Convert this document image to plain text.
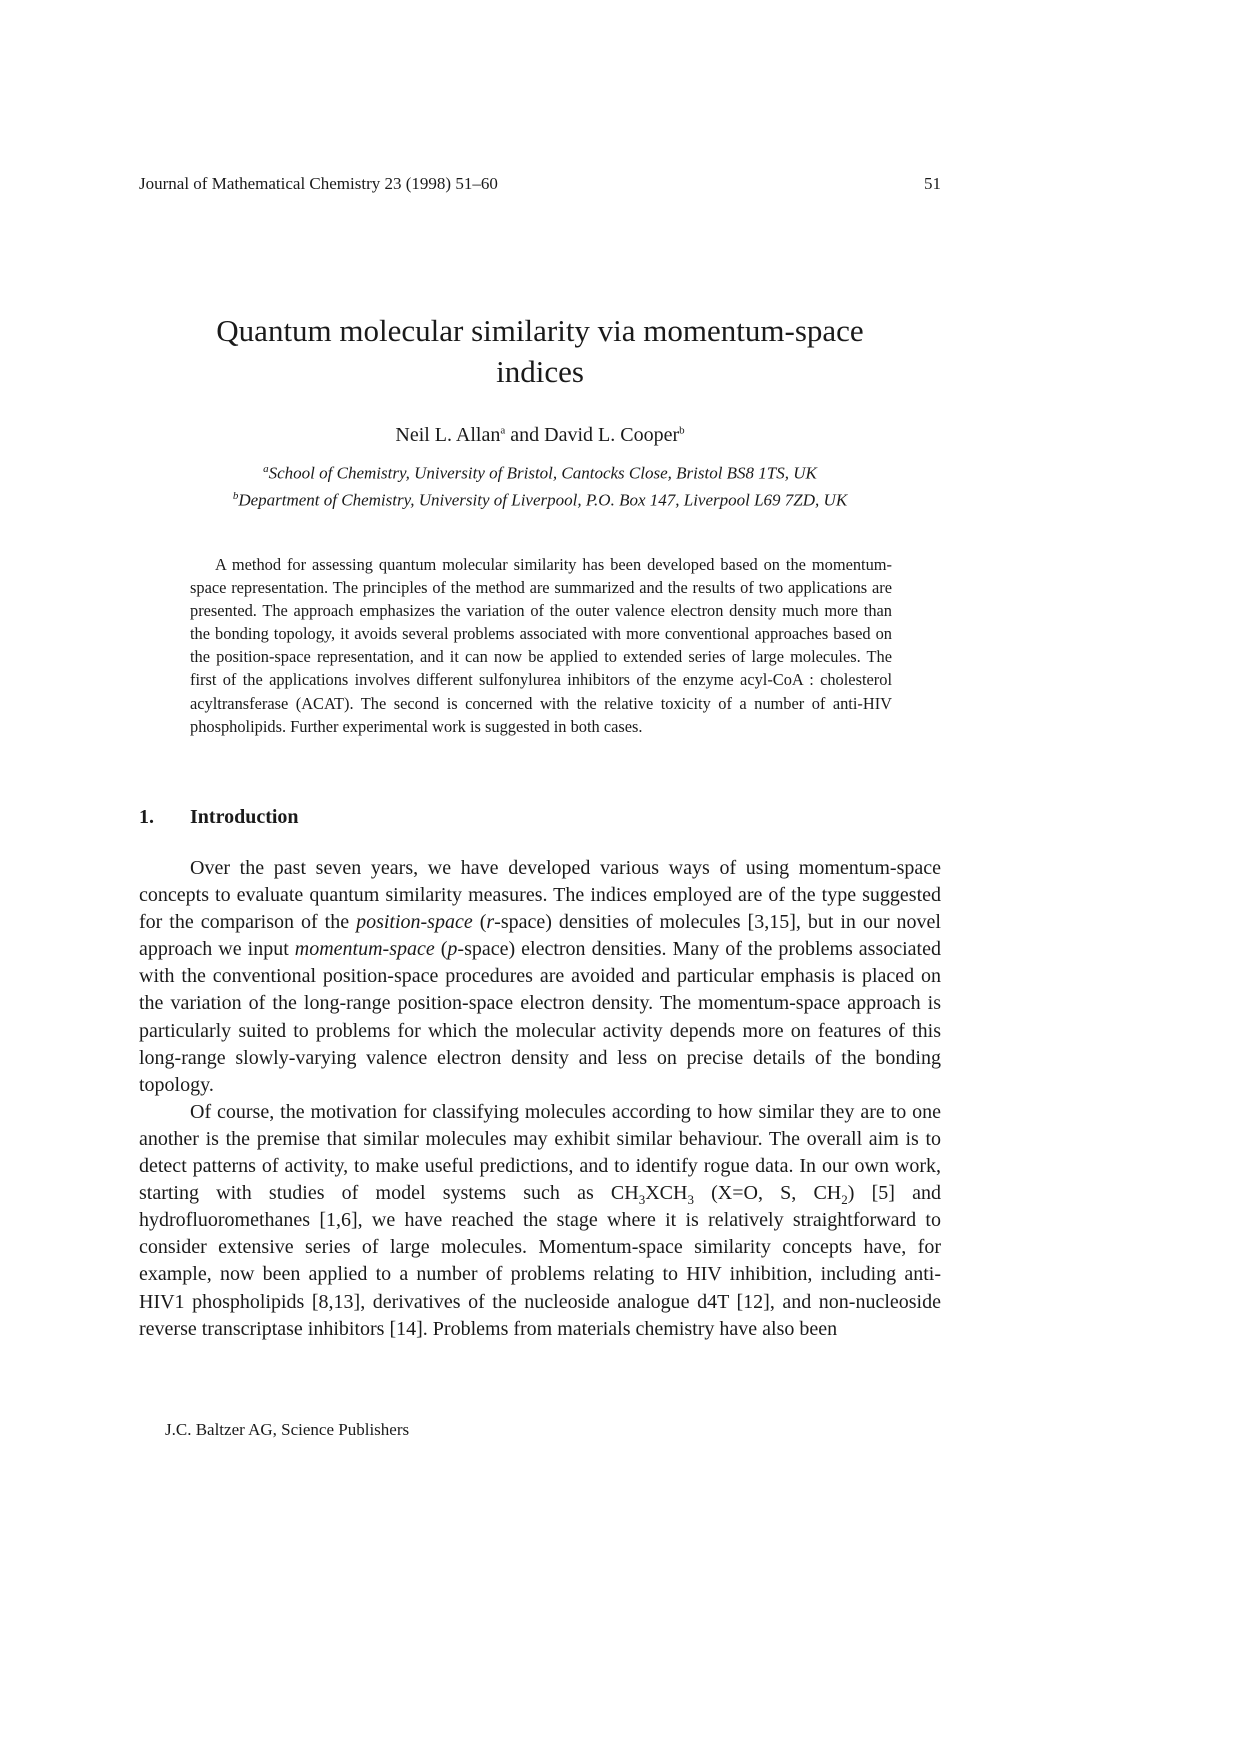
Journal of Mathematical Chemistry 23 (1998) 51–60	51
Quantum molecular similarity via momentum-space
indices
Neil L. Allan$^a$ and David L. Cooper$^b$
$^a$School of Chemistry, University of Bristol, Cantocks Close, Bristol BS8 1TS, UK
$^b$Department of Chemistry, University of Liverpool, P.O. Box 147, Liverpool L69 7ZD, UK

A method for assessing quantum molecular similarity has been developed based on the momentum-space representation. The principles of the method are summarized and the results of two applications are presented. The approach emphasizes the variation of the outer valence electron density much more than the bonding topology, it avoids several problems associated with more conventional approaches based on the position-space representation, and it can now be applied to extended series of large molecules. The first of the applications involves different sulfonylurea inhibitors of the enzyme acyl-CoA : cholesterol acyltransferase (ACAT). The second is concerned with the relative toxicity of a number of anti-HIV phospholipids. Further experimental work is suggested in both cases.

1. Introduction

Over the past seven years, we have developed various ways of using momentum-space concepts to evaluate quantum similarity measures. The indices employed are of the type suggested for the comparison of the position-space (r-space) densities of molecules [3,15], but in our novel approach we input momentum-space (p-space) electron densities. Many of the problems associated with the conventional position-space procedures are avoided and particular emphasis is placed on the variation of the long-range position-space electron density. The momentum-space approach is particularly suited to problems for which the molecular activity depends more on features of this long-range slowly-varying valence electron density and less on precise details of the bonding topology.

Of course, the motivation for classifying molecules according to how similar they are to one another is the premise that similar molecules may exhibit similar behaviour. The overall aim is to detect patterns of activity, to make useful predictions, and to identify rogue data. In our own work, starting with studies of model systems such as $CH_3XCH_3$ (X=O, S, $CH_2$) [5] and hydrofluoromethanes [1,6], we have reached the stage where it is relatively straightforward to consider extensive series of large molecules. Momentum-space similarity concepts have, for example, now been applied to a number of problems relating to HIV inhibition, including anti-HIV1 phospholipids [8,13], derivatives of the nucleoside analogue d4T [12], and non-nucleoside reverse transcriptase inhibitors [14]. Problems from materials chemistry have also been

J.C. Baltzer AG, Science Publishers
